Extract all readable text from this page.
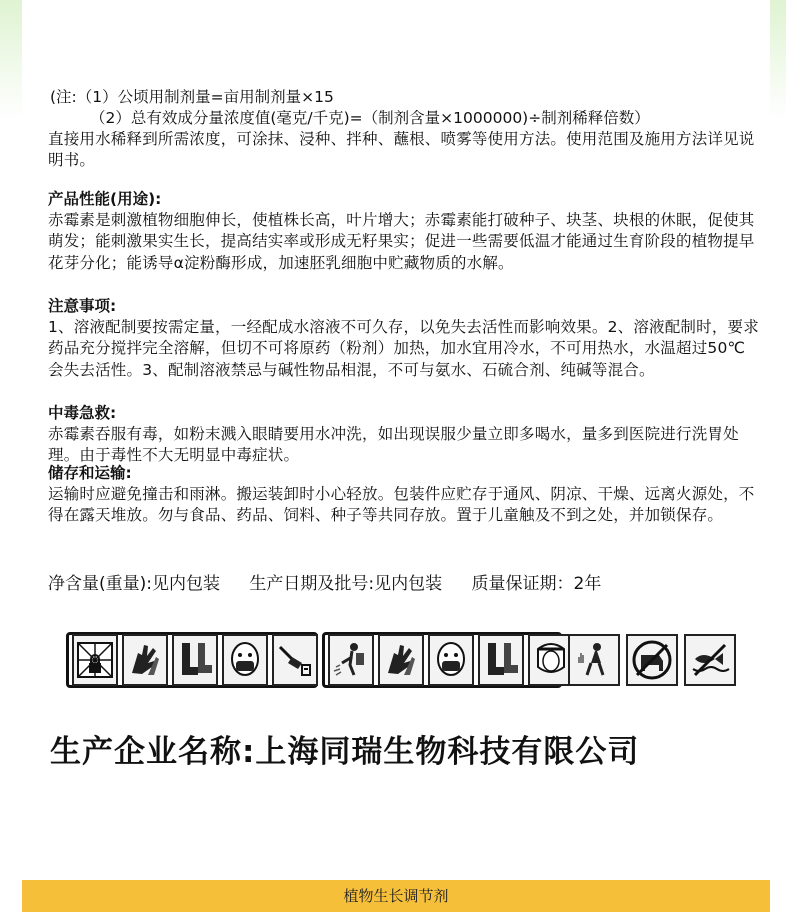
(注:（1）公顷用制剂量=亩用制剂量×15
（2）总有效成分量浓度值(毫克/千克)=（制剂含量×1000000)÷制剂稀释倍数）
直接用水稀释到所需浓度，可涂抹、浸种、拌种、蘸根、喷雾等使用方法。使用范围及施用方法详见说明书。
产品性能(用途):
赤霉素是刺激植物细胞伸长，使植株长高，叶片增大；赤霉素能打破种子、块茎、块根的休眠，促使其萌发；能刺激果实生长，提高结实率或形成无籽果实；促进一些需要低温才能通过生育阶段的植物提早花芽分化；能诱导α淀粉酶形成，加速胚乳细胞中贮藏物质的水解。
注意事项:
1、溶液配制要按需定量，一经配成水溶液不可久存，以免失去活性而影响效果。2、溶液配制时，要求药品充分搅拌完全溶解，但切不可将原药（粉剂）加热，加水宜用冷水，不可用热水，水温超过50℃会失去活性。3、配制溶液禁忌与碱性物品相混，不可与氨水、石硫合剂、纯碱等混合。
中毒急救:
赤霉素吞服有毒，如粉末溅入眼睛要用水冲洗，如出现误服少量立即多喝水，量多到医院进行洗胃处理。由于毒性不大无明显中毒症状。
储存和运输:
运输时应避免撞击和雨淋。搬运装卸时小心轻放。包装件应贮存于通风、阴凉、干燥、远离火源处，不得在露天堆放。勿与食品、药品、饲料、种子等共同存放。置于儿童触及不到之处，并加锁保存。
净含量(重量):见内包装 生产日期及批号:见内包装 质量保证期：2年
生产企业名称:上海同瑞生物科技有限公司
植物生长调节剂
